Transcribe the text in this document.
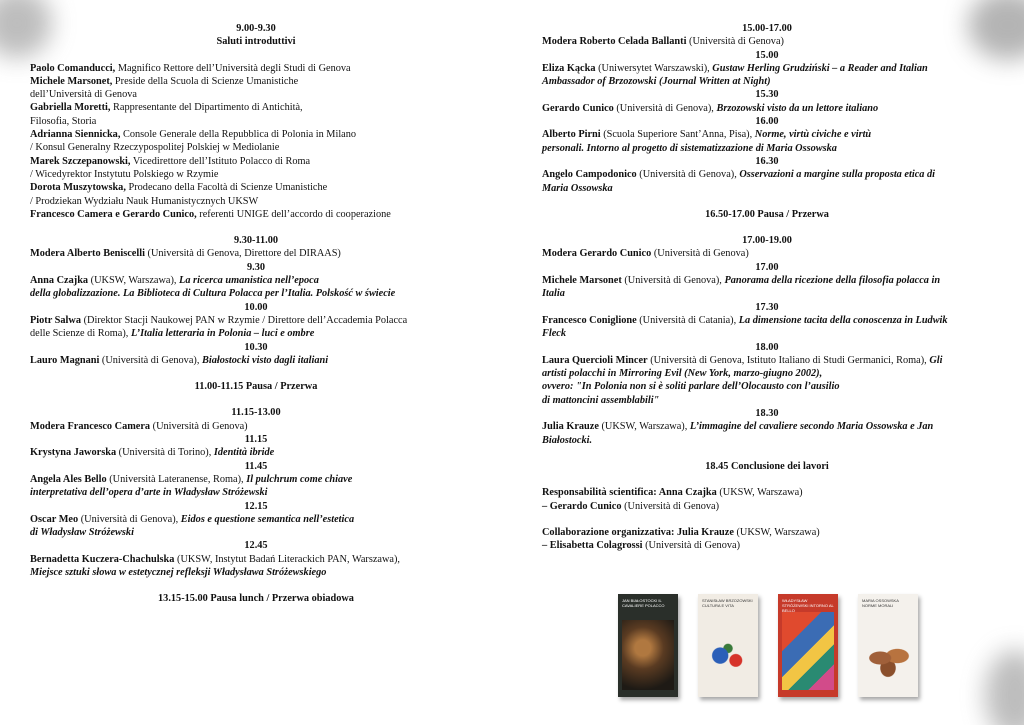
9.00-9.30

Saluti introduttivi

Paolo Comanducci, Magnifico Rettore dell’Università degli Studi di Genova

Michele Marsonet, Preside della Scuola di Scienze Umanistiche

dell’Università di Genova

Gabriella Moretti, Rappresentante del Dipartimento di Antichità,

Filosofia, Storia

Adrianna Siennicka, Console Generale della Repubblica di Polonia in Milano

/ Konsul Generalny Rzeczypospolitej Polskiej w Mediolanie

Marek Szczepanowski, Vicedirettore dell’Istituto Polacco di Roma

/ Wicedyrektor Instytutu Polskiego w Rzymie

Dorota Muszytowska, Prodecano della Facoltà di Scienze Umanistiche

/ Prodziekan Wydziału Nauk Humanistycznych UKSW

Francesco Camera e Gerardo Cunico, referenti UNIGE dell’accordo di cooperazione

9.30-11.00

Modera Alberto Beniscelli (Università di Genova, Direttore del DIRAAS)

9.30

Anna Czajka (UKSW, Warszawa), La ricerca umanistica nell’epoca

della globalizzazione. La Biblioteca di Cultura Polacca per l’Italia. Polskość w świecie

10.00

Piotr Salwa (Direktor Stacji Naukowej PAN w Rzymie / Direttore dell’Accademia Polacca

delle Scienze di Roma), L’Italia letteraria in Polonia – luci e ombre

10.30

Lauro Magnani (Università di Genova), Białostocki visto dagli italiani

11.00-11.15 Pausa / Przerwa

11.15-13.00

Modera Francesco Camera (Università di Genova)

11.15

Krystyna Jaworska (Università di Torino), Identità ibride

11.45

Angela Ales Bello (Università Lateranense, Roma), Il pulchrum come chiave

interpretativa dell’opera d’arte in Władysław Stróżewski

12.15

Oscar Meo (Università di Genova), Eidos e questione semantica nell’estetica

di Władysław Stróżewski

12.45

Bernadetta Kuczera-Chachulska (UKSW, Instytut Badań Literackich PAN, Warszawa),

Miejsce sztuki słowa w estetycznej refleksji Władysława Stróżewskiego

13.15-15.00 Pausa lunch / Przerwa obiadowa

15.00-17.00

Modera Roberto Celada Ballanti (Università di Genova)

15.00

Eliza Kącka (Uniwersytet Warszawski), Gustaw Herling Grudziński – a Reader and Italian

Ambassador of Brzozowski (Journal Written at Night)

15.30

Gerardo Cunico (Università di Genova), Brzozowski visto da un lettore italiano

16.00

Alberto Pirni (Scuola Superiore Sant’Anna, Pisa), Norme, virtù civiche e virtù

personali. Intorno al progetto di sistematizzazione di Maria Ossowska

16.30

Angelo Campodonico (Università di Genova), Osservazioni a margine sulla proposta etica di

Maria Ossowska

16.50-17.00 Pausa / Przerwa

17.00-19.00

Modera Gerardo Cunico (Università di Genova)

17.00

Michele Marsonet (Università di Genova), Panorama della ricezione della filosofia polacca in

Italia

17.30

Francesco Coniglione (Università di Catania), La dimensione tacita della conoscenza in Ludwik

Fleck

18.00

Laura Quercioli Mincer (Università di Genova, Istituto Italiano di Studi Germanici, Roma), Gli

artisti polacchi in Mirroring Evil (New York, marzo-giugno 2002),

ovvero: "In Polonia non si è soliti parlare dell’Olocausto con l’ausilio

di mattoncini assemblabili"

18.30

Julia Krauze (UKSW, Warszawa), L’immagine del cavaliere secondo Maria Ossowska e Jan

Białostocki.

18.45 Conclusione dei lavori

Responsabilità scientifica: Anna Czajka (UKSW, Warszawa)

– Gerardo Cunico (Università di Genova)

Collaborazione organizzativa: Julia Krauze (UKSW, Warszawa)

– Elisabetta Colagrossi (Università di Genova)

JAN BIAŁOSTOCKI IL CAVALIERE POLACCO
STANISŁAW BRZOZOWSKI CULTURA E VITA
WŁADYSŁAW STRÓŻEWSKI INTORNO AL BELLO
MARIA OSSOWSKA NORME MORALI
